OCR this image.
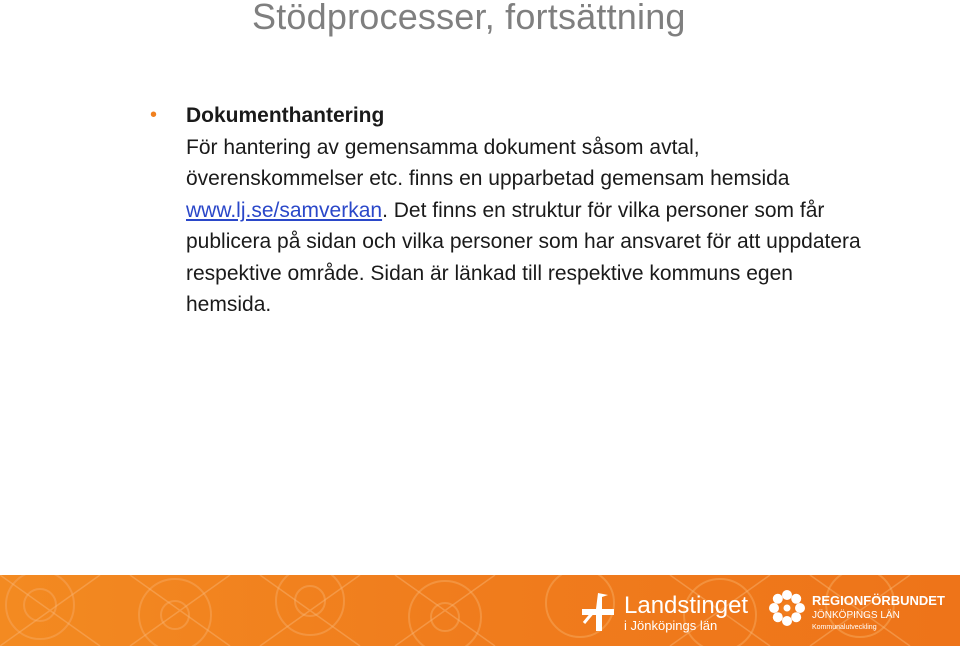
Stödprocesser, fortsättning
•	Dokumenthantering
För hantering av gemensamma dokument såsom avtal, överenskommelser etc. finns en upparbetad gemensam hemsida www.lj.se/samverkan. Det finns en struktur för vilka personer som får publicera på sidan och vilka personer som har ansvaret för att uppdatera respektive område. Sidan är länkad till respektive kommuns egen hemsida.
Landstinget
i Jönköpings län
REGIONFÖRBUNDET
JÖNKÖPINGS LÄN
Kommunalutveckling
